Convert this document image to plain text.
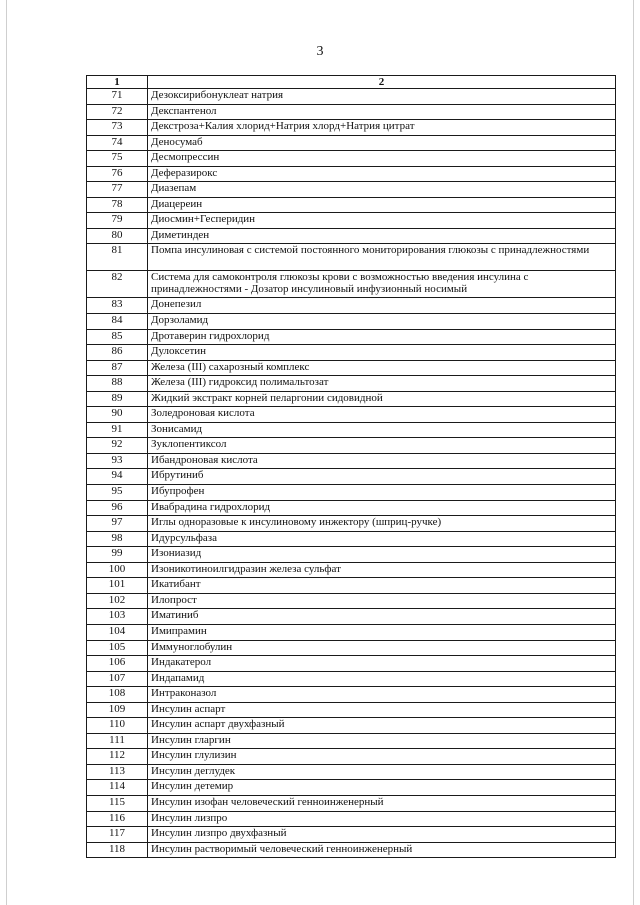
3
1	2
71	Дезоксирибонуклеат натрия
72	Декспантенол
73	Декстроза+Калия хлорид+Натрия хлорд+Натрия цитрат
74	Деносумаб
75	Десмопрессин
76	Деферазирокс
77	Диазепам
78	Диацереин
79	Диосмин+Гесперидин
80	Диметинден
81	Помпа инсулиновая с системой постоянного мониторирования глюкозы с принадлежностями
82	Система для самоконтроля глюкозы крови с возможностью введения инсулина с принадлежностями - Дозатор инсулиновый инфузионный носимый
83	Донепезил
84	Дорзоламид
85	Дротаверин гидрохлорид
86	Дулоксетин
87	Железа (III) сахарозный комплекс
88	Железа (III) гидроксид полимальтозат
89	Жидкий экстракт корней пеларгонии сидовидной
90	Золедроновая кислота
91	Зонисамид
92	Зуклопентиксол
93	Ибандроновая кислота
94	Ибрутиниб
95	Ибупрофен
96	Ивабрадина гидрохлорид
97	Иглы одноразовые к инсулиновому инжектору (шприц-ручке)
98	Идурсульфаза
99	Изониазид
100	Изоникотиноилгидразин железа сульфат
101	Икатибант
102	Илопрост
103	Иматиниб
104	Имипрамин
105	Иммуноглобулин
106	Индакатерол
107	Индапамид
108	Интраконазол
109	Инсулин аспарт
110	Инсулин аспарт двухфазный
111	Инсулин гларгин
112	Инсулин глулизин
113	Инсулин деглудек
114	Инсулин детемир
115	Инсулин изофан человеческий генноинженерный
116	Инсулин лизпро
117	Инсулин лизпро двухфазный
118	Инсулин растворимый человеческий генноинженерный
